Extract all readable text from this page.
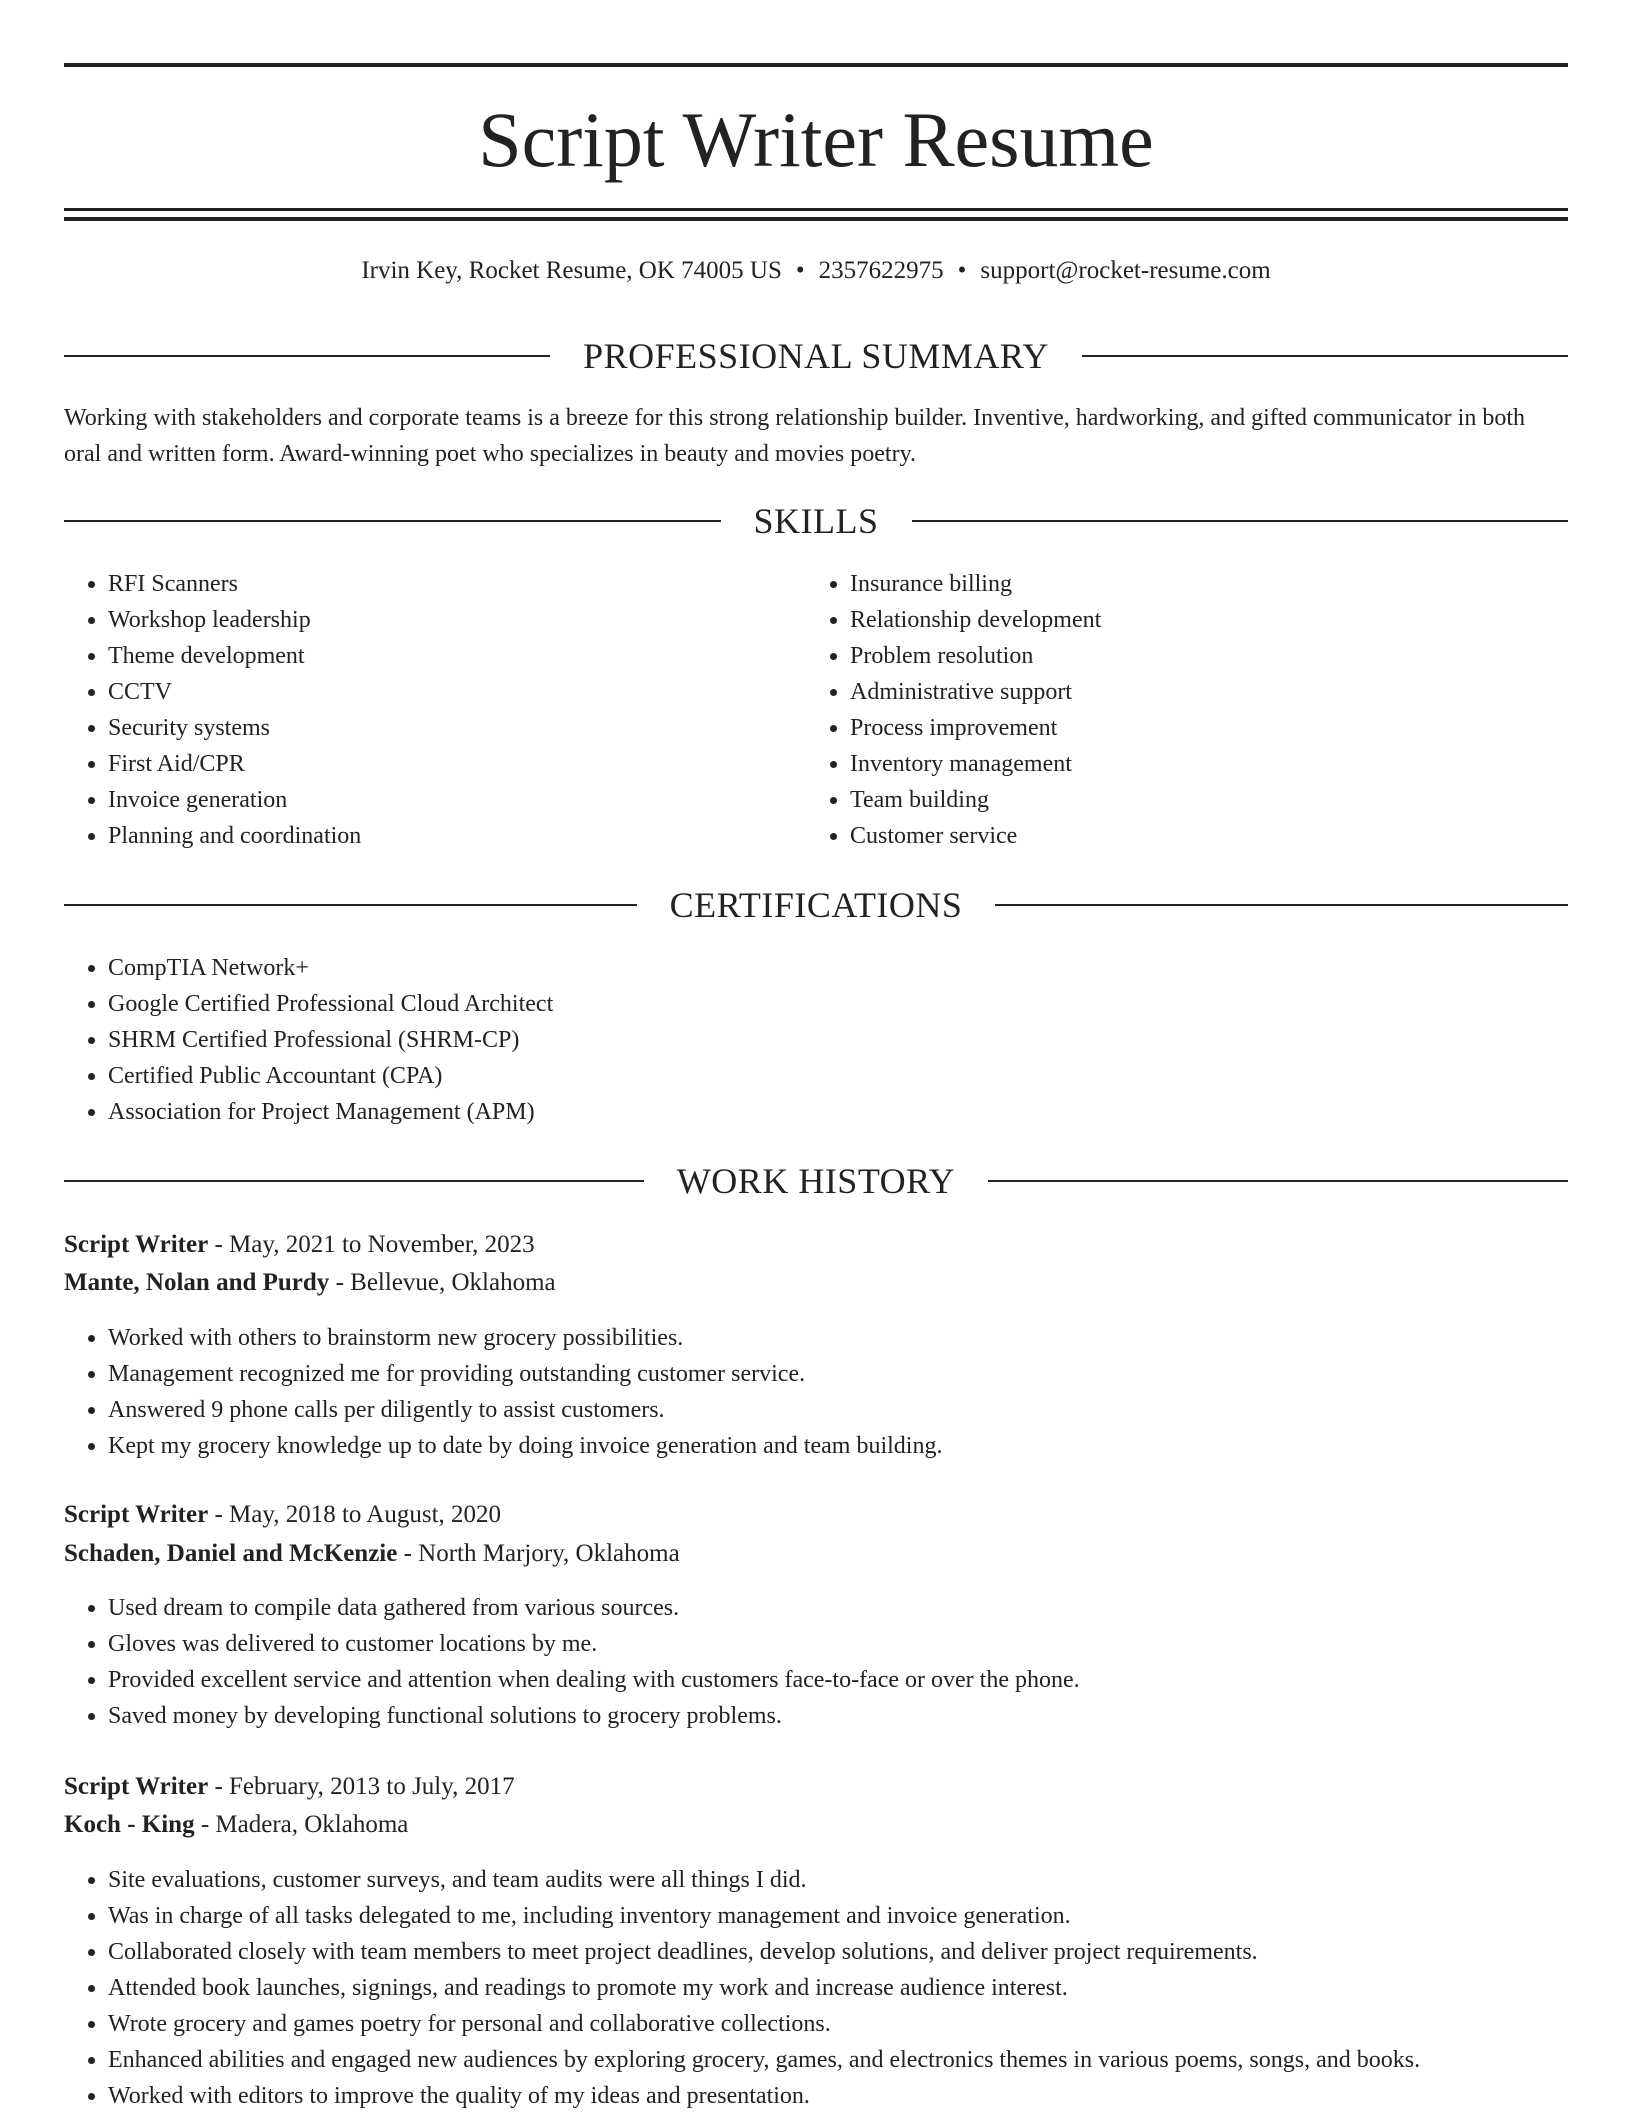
Script Writer Resume
Irvin Key, Rocket Resume, OK 74005 US • 2357622975 • support@rocket-resume.com
PROFESSIONAL SUMMARY

Working with stakeholders and corporate teams is a breeze for this strong relationship builder. Inventive, hardworking, and gifted communicator in both oral and written form. Award-winning poet who specializes in beauty and movies poetry.

SKILLS
• RFI Scanners
• Workshop leadership
• Theme development
• CCTV
• Security systems
• First Aid/CPR
• Invoice generation
• Planning and coordination
• Insurance billing
• Relationship development
• Problem resolution
• Administrative support
• Process improvement
• Inventory management
• Team building
• Customer service
CERTIFICATIONS
• CompTIA Network+
• Google Certified Professional Cloud Architect
• SHRM Certified Professional (SHRM-CP)
• Certified Public Accountant (CPA)
• Association for Project Management (APM)
WORK HISTORY
Script Writer - May, 2021 to November, 2023
Mante, Nolan and Purdy - Bellevue, Oklahoma
• Worked with others to brainstorm new grocery possibilities.
• Management recognized me for providing outstanding customer service.
• Answered 9 phone calls per diligently to assist customers.
• Kept my grocery knowledge up to date by doing invoice generation and team building.
Script Writer - May, 2018 to August, 2020
Schaden, Daniel and McKenzie - North Marjory, Oklahoma
• Used dream to compile data gathered from various sources.
• Gloves was delivered to customer locations by me.
• Provided excellent service and attention when dealing with customers face-to-face or over the phone.
• Saved money by developing functional solutions to grocery problems.
Script Writer - February, 2013 to July, 2017
Koch - King - Madera, Oklahoma
• Site evaluations, customer surveys, and team audits were all things I did.
• Was in charge of all tasks delegated to me, including inventory management and invoice generation.
• Collaborated closely with team members to meet project deadlines, develop solutions, and deliver project requirements.
• Attended book launches, signings, and readings to promote my work and increase audience interest.
• Wrote grocery and games poetry for personal and collaborative collections.
• Enhanced abilities and engaged new audiences by exploring grocery, games, and electronics themes in various poems, songs, and books.
• Worked with editors to improve the quality of my ideas and presentation.
